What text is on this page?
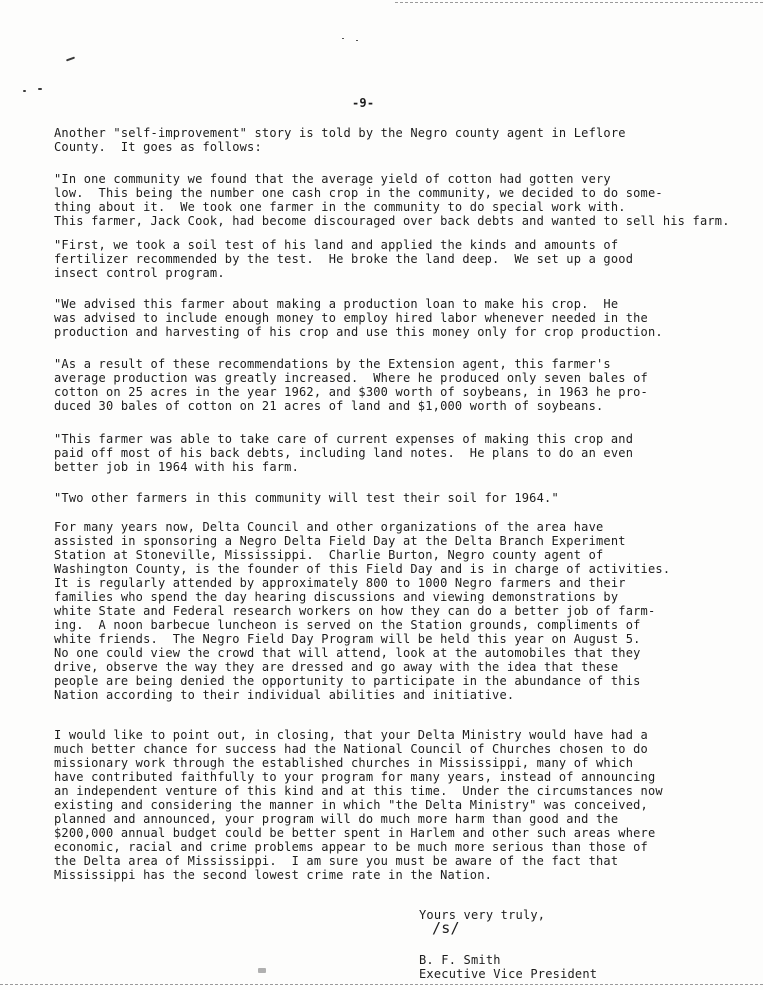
-9-

Another "self-improvement" story is told by the Negro county agent in Leflore
County.  It goes as follows:

"In one community we found that the average yield of cotton had gotten very
low.  This being the number one cash crop in the community, we decided to do some-
thing about it.  We took one farmer in the community to do special work with.
This farmer, Jack Cook, had become discouraged over back debts and wanted to sell his farm.

"First, we took a soil test of his land and applied the kinds and amounts of
fertilizer recommended by the test.  He broke the land deep.  We set up a good
insect control program.

"We advised this farmer about making a production loan to make his crop.  He
was advised to include enough money to employ hired labor whenever needed in the
production and harvesting of his crop and use this money only for crop production.

"As a result of these recommendations by the Extension agent, this farmer's
average production was greatly increased.  Where he produced only seven bales of
cotton on 25 acres in the year 1962, and $300 worth of soybeans, in 1963 he pro-
duced 30 bales of cotton on 21 acres of land and $1,000 worth of soybeans.

"This farmer was able to take care of current expenses of making this crop and
paid off most of his back debts, including land notes.  He plans to do an even
better job in 1964 with his farm.

"Two other farmers in this community will test their soil for 1964."

For many years now, Delta Council and other organizations of the area have
assisted in sponsoring a Negro Delta Field Day at the Delta Branch Experiment
Station at Stoneville, Mississippi.  Charlie Burton, Negro county agent of
Washington County, is the founder of this Field Day and is in charge of activities.
It is regularly attended by approximately 800 to 1000 Negro farmers and their
families who spend the day hearing discussions and viewing demonstrations by
white State and Federal research workers on how they can do a better job of farm-
ing.  A noon barbecue luncheon is served on the Station grounds, compliments of
white friends.  The Negro Field Day Program will be held this year on August 5.
No one could view the crowd that will attend, look at the automobiles that they
drive, observe the way they are dressed and go away with the idea that these
people are being denied the opportunity to participate in the abundance of this
Nation according to their individual abilities and initiative.

I would like to point out, in closing, that your Delta Ministry would have had a
much better chance for success had the National Council of Churches chosen to do
missionary work through the established churches in Mississippi, many of which
have contributed faithfully to your program for many years, instead of announcing
an independent venture of this kind and at this time.  Under the circumstances now
existing and considering the manner in which "the Delta Ministry" was conceived,
planned and announced, your program will do much more harm than good and the
$200,000 annual budget could be better spent in Harlem and other such areas where
economic, racial and crime problems appear to be much more serious than those of
the Delta area of Mississippi.  I am sure you must be aware of the fact that
Mississippi has the second lowest crime rate in the Nation.

Yours very truly,

/s/

B. F. Smith

Executive Vice President
